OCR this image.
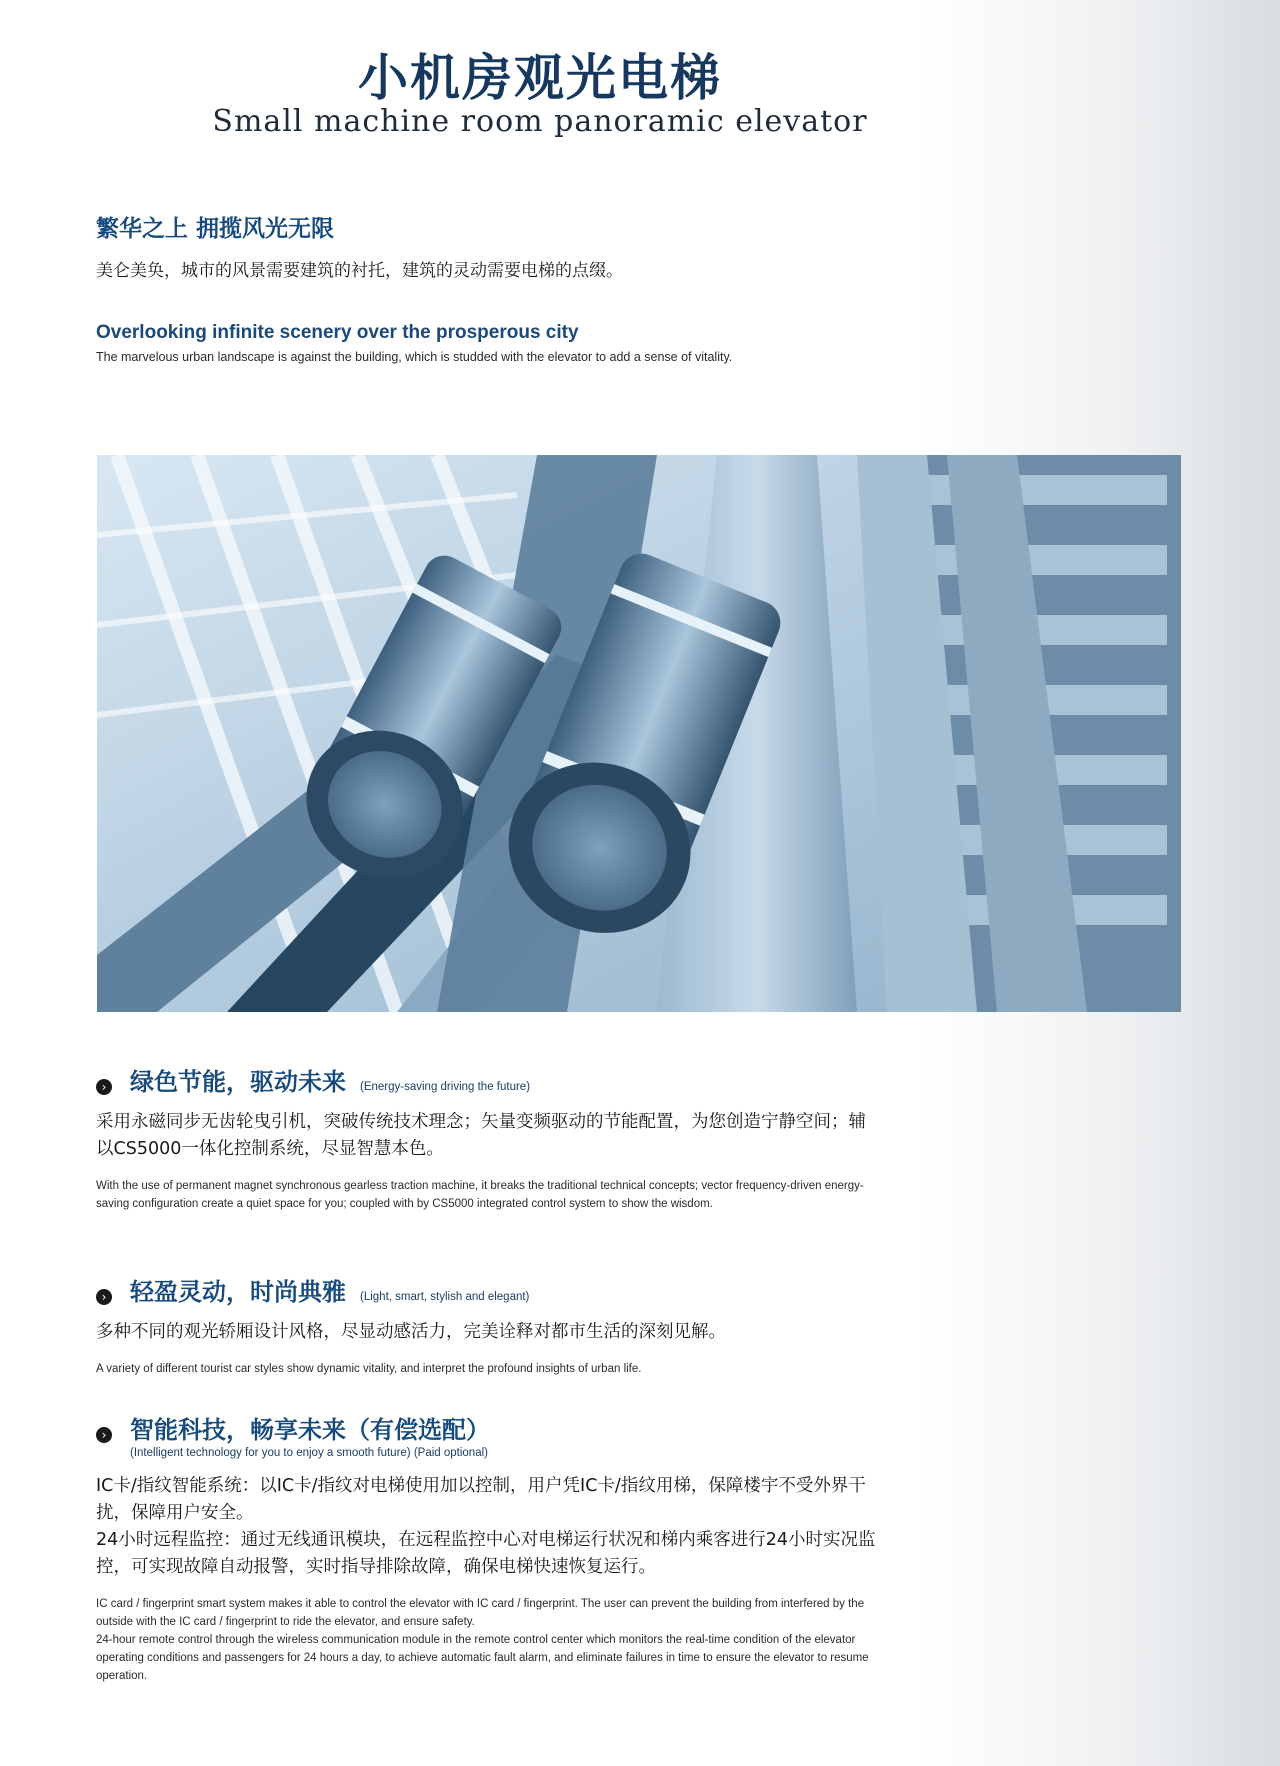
小机房观光电梯
Small machine room panoramic elevator
繁华之上 拥揽风光无限
美仑美奂，城市的风景需要建筑的衬托，建筑的灵动需要电梯的点缀。
Overlooking infinite scenery over the prosperous city
The marvelous urban landscape is against the building, which is studded with the elevator to add a sense of vitality.
› 绿色节能，驱动未来 (Energy-saving driving the future)
采用永磁同步无齿轮曳引机，突破传统技术理念；矢量变频驱动的节能配置，为您创造宁静空间；辅以CS5000一体化控制系统，尽显智慧本色。
With the use of permanent magnet synchronous gearless traction machine, it breaks the traditional technical concepts; vector frequency-driven energy-saving configuration create a quiet space for you; coupled with by CS5000 integrated control system to show the wisdom.
› 轻盈灵动，时尚典雅 (Light, smart, stylish and elegant)
多种不同的观光轿厢设计风格，尽显动感活力，完美诠释对都市生活的深刻见解。
A variety of different tourist car styles show dynamic vitality, and interpret the profound insights of urban life.
› 智能科技，畅享未来（有偿选配）
(Intelligent technology for you to enjoy a smooth future) (Paid optional)
IC卡/指纹智能系统：以IC卡/指纹对电梯使用加以控制，用户凭IC卡/指纹用梯，保障楼宇不受外界干扰，保障用户安全。
24小时远程监控：通过无线通讯模块，在远程监控中心对电梯运行状况和梯内乘客进行24小时实况监控，可实现故障自动报警，实时指导排除故障，确保电梯快速恢复运行。
IC card / fingerprint smart system makes it able to control the elevator with IC card / fingerprint. The user can prevent the building from interfered by the outside with the IC card / fingerprint to ride the elevator, and ensure safety.
24-hour remote control through the wireless communication module in the remote control center which monitors the real-time condition of the elevator operating conditions and passengers for 24 hours a day, to achieve automatic fault alarm, and eliminate failures in time to ensure the elevator to resume operation.
